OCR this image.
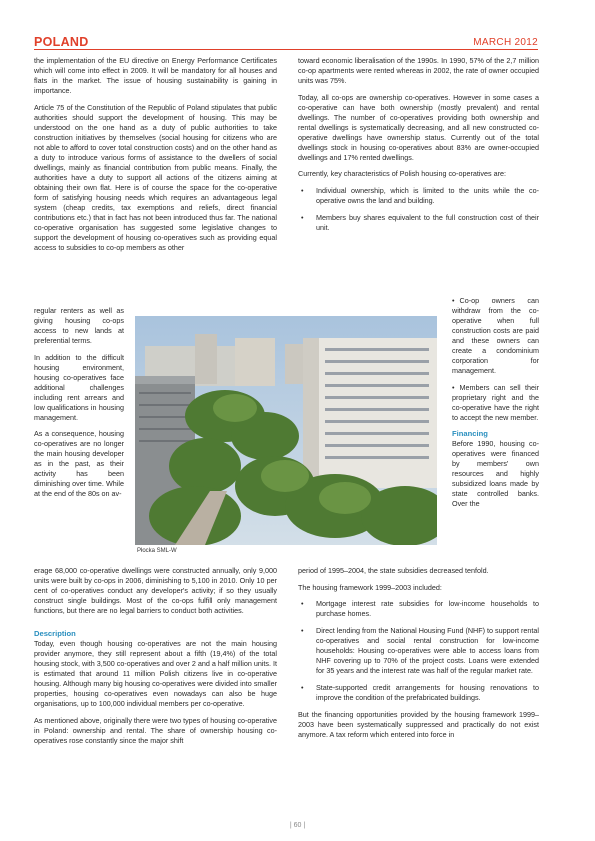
POLAND	MARCH 2012

the implementation of the EU directive on Energy Performance Certificates which will come into effect in 2009. It will be mandatory for all houses and flats in the market. The issue of housing sustainability is gaining in importance.

Article 75 of the Constitution of the Republic of Poland stipulates that public authorities should support the development of housing. This may be understood on the one hand as a duty of public authorities to take construction initiatives by themselves (social housing for citizens who are not able to afford to cover total construction costs) and on the other hand as a duty to introduce various forms of assistance to the dwellers of social dwellings, mainly as financial contribution from public means. Finally, the authorities have a duty to support all actions of the citizens aiming at obtaining their own flat. Here is of course the space for the co-operative form of satisfying housing needs which requires an advantageous legal system (cheap credits, tax exemptions and reliefs, direct financial contributions etc.) that in fact has not been introduced thus far. The national co-operative organisation has suggested some legislative changes to support the development of housing co-operatives such as providing equal access to subsidies to co-op members as other

regular renters as well as giving housing co-ops access to new lands at preferential terms.

In addition to the difficult housing environment, housing co-operatives face additional challenges including rent arrears and low qualifications in housing management.

As a consequence, housing co-operatives are no longer the main housing developer as in the past, as their activity has been diminishing over time. While at the end of the 80s on av-

erage 68,000 co-operative dwellings were constructed annually, only 9,000 units were built by co-ops in 2006, diminishing to 5,100 in 2010. Only 10 per cent of co-operatives conduct any developer's activity; if so they usually construct single buildings. Most of the co-ops fulfill only management functions, but there are no legal barriers to conduct both activities.

Description

Today, even though housing co-operatives are not the main housing provider anymore, they still represent about a fifth (19,4%) of the total housing stock, with 3,500 co-operatives and over 2 and a half million units. It is estimated that around 11 million Polish citizens live in co-operative housing. Although many big housing co-operatives were divided into smaller properties, housing co-operatives even nowadays can also be huge organisations, up to 100,000 individual members per co-operative.

As mentioned above, originally there were two types of housing co-operative in Poland: ownership and rental. The share of ownership housing co-operatives rose constantly since the major shift

toward economic liberalisation of the 1990s. In 1990, 57% of the 2,7 million co-op apartments were rented whereas in 2002, the rate of owner occupied units was 75%.

Today, all co-ops are ownership co-operatives. However in some cases a co-operative can have both ownership (mostly prevalent) and rental dwellings. The number of co-operatives providing both ownership and rental dwellings is systematically decreasing, and all new constructed co-operative dwellings have ownership status. Currently out of the total dwellings stock in housing co-operatives about 83% are owner-occupied dwellings and 17% rented dwellings.

Currently, key characteristics of Polish housing co-operatives are:

• Individual ownership, which is limited to the units while the co-operative owns the land and building.
• Members buy shares equivalent to the full construction cost of their unit.

• Co-op owners can withdraw from the co-operative when full construction costs are paid and these owners can create a condominium corporation for management.

• Members can sell their proprietary right and the co-operative have the right to accept the new member.

Financing

Before 1990, housing co-operatives were financed by members' own resources and highly subsidized loans made by state controlled banks. Over the

period of 1995–2004, the state subsidies decreased tenfold.

The housing framework 1999–2003 included:

• Mortgage interest rate subsidies for low-income households to purchase homes.
• Direct lending from the National Housing Fund (NHF) to support rental co-operatives and social rental construction for low-income households: Housing co-operatives were able to access loans from NHF covering up to 70% of the project costs. Loans were extended for 35 years and the interest rate was half of the regular market rate.
• State-supported credit arrangements for housing renovations to improve the condition of the prefabricated buildings.

But the financing opportunities provided by the housing framework 1999–2003 have been systematically suppressed and practically do not exist anymore. A tax reform which entered into force in

Płocka SML-W
| 60 |
